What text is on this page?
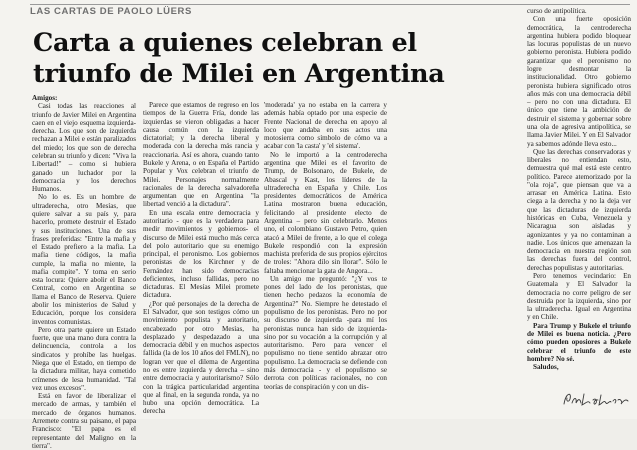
LAS CARTAS DE PAOLO LÜERS
Carta a quienes celebran el
triunfo de Milei en Argentina

Amigos:

Casi todas las reacciones al triunfo de Javier Milei en Argentina caen en el viejo esquema izquierda-derecha. Los que son de izquierda rechazan a Milei e están paralizados del miedo; los que son de derecha celebran su triunfo y dicen: "Viva la Libertad!" – como si hubiera ganado un luchador por la democracia y los derechos Humanos.

No lo es. Es un hombre de ultraderecha, otro Mesías, que quiere salvar a su país y, para hacerlo, promete destruir el Estado y sus instituciones. Una de sus frases preferidas: "Entre la mafia y el Estado prefiero a la mafia. La mafia tiene códigos, la mafia cumple, la mafia no miente, la mafia compite". Y toma en serio esta locura: Quiere abolir el Banco Central, como en Argentina se llama el Banco de Reserva. Quiere abolir los ministerios de Salud y Educación, porque los considera inventos comunistas.

Pero otra parte quiere un Estado fuerte, que una mano dura contra la delincuencia, controla a los sindicatos y prohíbe las huelgas. Niega que el Estado, en tiempo de la dictadura militar, haya cometido crímenes de lesa humanidad. "Tal vez unos excesos".

Está en favor de liberalizar el mercado de armas, y también el mercado de órganos humanos. Arremete contra su paisano, el papa Francisco: "El papa es el representante del Maligno en la tierra".

Parece que estamos de regreso en los tiempos de la Guerra Fría, donde las izquierdas se vieron obligadas a hacer causa común con la izquierda dictatorial; y la derecha liberal y moderada con la derecha más rancia y reaccionaria. Así es ahora, cuando tanto Bukele y Arena, o en España el Partido Popular y Vox celebran el triunfo de Milei. Personajes normalmente racionales de la derecha salvadoreña argumentan que en Argentina "la libertad venció a la dictadura".

En una escala entre democracia y autoritario - que es la verdadera para medir movimientos y gobiernos- el discurso de Milei está mucho más cerca del polo autoritario que su enemigo principal, el peronismo. Los gobiernos peronistas de los Kirchner y de Fernández han sido democracias deficientes, incluso fallidas, pero no dictaduras. El Mesías Milei promete dictadura.

¿Por qué personajes de la derecha de El Salvador, que son testigos cómo un movimiento populista y autoritario, encabezado por otro Mesías, ha desplazado y despedazado a una democracia débil y en muchos aspectos fallida (la de los 10 años del FMLN), no logran ver que el dilema de Argentina no es entre izquierda y derecha – sino entre democracia y autoritarismo? Sólo con la trágica particularidad argentina que al final, en la segunda ronda, ya no hubo una opción democrática. La derecha

'moderada' ya no estaba en la carrera y además había optado por una especie de Frente Nacional de derecha en apoyo al loco que andaba en sus actos una motosierra como símbolo de cómo va a acabar con 'la casta' y 'el sistema'.

No le importó a la centroderecha argentina que Milei es el favorito de Trump, de Bolsonaro, de Bukele, de Abascal y Kast, los líderes de la ultraderecha en España y Chile. Los presidentes democráticos de América Latina mostraron buena educación, felicitando al presidente electo de Argentina – pero sin celebrarlo. Menos uno, el colombiano Gustavo Petro, quien atacó a Milei de frente, a lo que el colega Bukele respondió con la expresión machista preferida de sus propios ejércitos de troles: "Ahora dilo sin llorar". Sólo le faltaba mencionar la gata de Angora...

Un amigo me preguntó: "¿Y vos te pones del lado de los peronistas, que tienen hecho pedazos la economía de Argentina?" No. Siempre he detestado el populismo de los peronistas. Pero no por su discurso de izquierda -para mí los peronistas nunca han sido de izquierda- sino por su vocación a la corrupción y al autoritarismo. Pero para vencer el populismo no tiene sentido abrazar otro populismo. La democracia se defiende con más democracia - y el populismo se derrota con políticas racionales, no con teorías de conspiración y con un dis-

curso de antipolítica.

Con una fuerte oposición democrática, la centroderecha argentina hubiera podido bloquear las locuras populistas de un nuevo gobierno peronista. Hubiera podido garantizar que el peronismo no logre desmontar la institucionalidad. Otro gobierno peronista hubiera significado otros años más con una democracia débil – pero no con una dictadura. El único que tiene la ambición de destruir el sistema y gobernar sobre una ola de agresiva antipolítica, se llama Javier Milei. Y en El Salvador ya sabemos adónde lleva esto...

Que las derechas conservadoras y liberales no entiendan esto, demuestra qué mal está este centro político. Parece atemorizado por la "ola roja", que piensan que va a arrasar en América Latina. Esto ciega a la derecha y no la deja ver que las dictaduras de izquierda históricas en Cuba, Venezuela y Nicaragua son aisladas y agonizantes y ya no contaminan a nadie. Los únicos que amenazan la democracia en nuestra región son las derechas fuera del control, derechas populistas y autoritarias.

Pero tenemos vecindario: En Guatemala y El Salvador la democracia no corre peligro de ser destruida por la izquierda, sino por la ultraderecha. Igual en Argentina y en Chile.

Para Trump y Bukele el triunfo de Milei es buena noticia. ¿Pero cómo pueden oposiores a Bukele celebrar el triunfo de este hombre? No sé.

Saludos,
